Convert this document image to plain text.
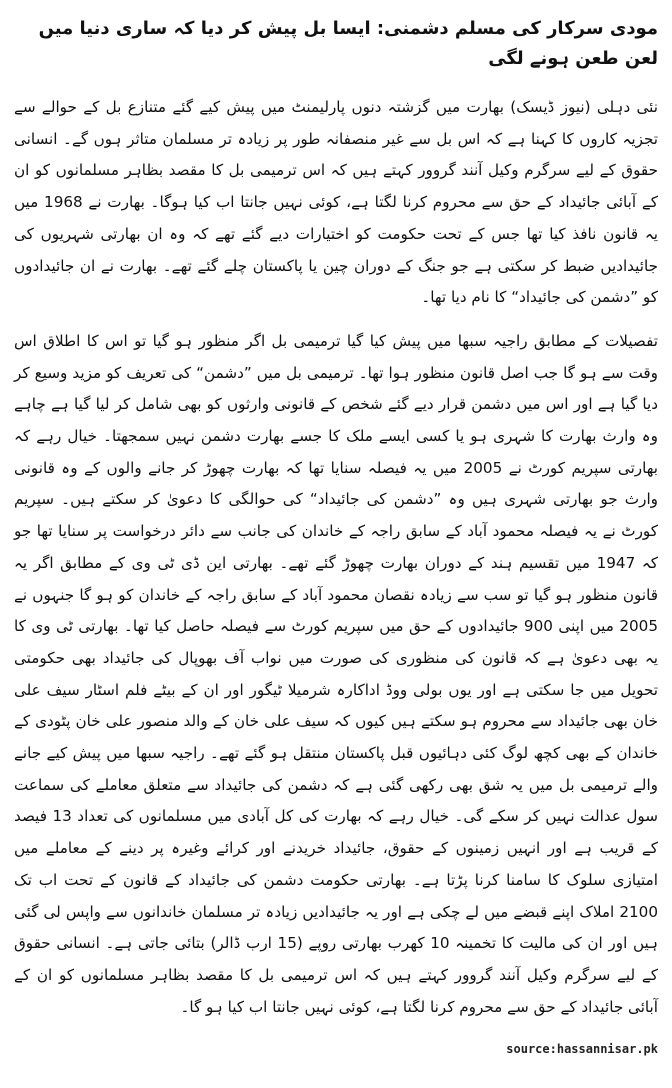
مودی سرکار کی مسلم دشمنی: ایسا بل پیش کر دیا کہ ساری دنیا میں لعن طعن ہونے لگی

نئی دہلی (نیوز ڈیسک) بھارت میں گزشتہ دنوں پارلیمنٹ میں پیش کیے گئے متنازع بل کے حوالے سے تجزیہ کاروں کا کہنا ہے کہ اس بل سے غیر منصفانہ طور پر زیادہ تر مسلمان متاثر ہوں گے۔ انسانی حقوق کے لیے سرگرم وکیل آنند گروور کہتے ہیں کہ اس ترمیمی بل کا مقصد بظاہر مسلمانوں کو ان کے آبائی جائیداد کے حق سے محروم کرنا لگتا ہے، کوئی نہیں جانتا اب کیا ہوگا۔ بھارت نے 1968 میں یہ قانون نافذ کیا تھا جس کے تحت حکومت کو اختیارات دیے گئے تھے کہ وہ ان بھارتی شہریوں کی جائیدادیں ضبط کر سکتی ہے جو جنگ کے دوران چین یا پاکستان چلے گئے تھے۔ بھارت نے ان جائیدادوں کو ”دشمن کی جائیداد“ کا نام دیا تھا۔

تفصیلات کے مطابق راجیہ سبھا میں پیش کیا گیا ترمیمی بل اگر منظور ہو گیا تو اس کا اطلاق اس وقت سے ہو گا جب اصل قانون منظور ہوا تھا۔ ترمیمی بل میں ”دشمن“ کی تعریف کو مزید وسیع کر دیا گیا ہے اور اس میں دشمن قرار دیے گئے شخص کے قانونی وارثوں کو بھی شامل کر لیا گیا ہے چاہے وہ وارث بھارت کا شہری ہو یا کسی ایسے ملک کا جسے بھارت دشمن نہیں سمجھتا۔ خیال رہے کہ بھارتی سپریم کورٹ نے 2005 میں یہ فیصلہ سنایا تھا کہ بھارت چھوڑ کر جانے والوں کے وہ قانونی وارث جو بھارتی شہری ہیں وہ ”دشمن کی جائیداد“ کی حوالگی کا دعویٰ کر سکتے ہیں۔ سپریم کورٹ نے یہ فیصلہ محمود آباد کے سابق راجہ کے خاندان کی جانب سے دائر درخواست پر سنایا تھا جو کہ 1947 میں تقسیم ہند کے دوران بھارت چھوڑ گئے تھے۔ بھارتی این ڈی ٹی وی کے مطابق اگر یہ قانون منظور ہو گیا تو سب سے زیادہ نقصان محمود آباد کے سابق راجہ کے خاندان کو ہو گا جنہوں نے 2005 میں اپنی 900 جائیدادوں کے حق میں سپریم کورٹ سے فیصلہ حاصل کیا تھا۔ بھارتی ٹی وی کا یہ بھی دعویٰ ہے کہ قانون کی منظوری کی صورت میں نواب آف بھوپال کی جائیداد بھی حکومتی تحویل میں جا سکتی ہے اور یوں بولی ووڈ اداکارہ شرمیلا ٹیگور اور ان کے بیٹے فلم اسٹار سیف علی خان بھی جائیداد سے محروم ہو سکتے ہیں کیوں کہ سیف علی خان کے والد منصور علی خان پٹودی کے خاندان کے بھی کچھ لوگ کئی دہائیوں قبل پاکستان منتقل ہو گئے تھے۔ راجیہ سبھا میں پیش کیے جانے والے ترمیمی بل میں یہ شق بھی رکھی گئی ہے کہ دشمن کی جائیداد سے متعلق معاملے کی سماعت سول عدالت نہیں کر سکے گی۔ خیال رہے کہ بھارت کی کل آبادی میں مسلمانوں کی تعداد 13 فیصد کے قریب ہے اور انہیں زمینوں کے حقوق، جائیداد خریدنے اور کرائے وغیرہ پر دینے کے معاملے میں امتیازی سلوک کا سامنا کرنا پڑتا ہے۔ بھارتی حکومت دشمن کی جائیداد کے قانون کے تحت اب تک 2100 املاک اپنے قبضے میں لے چکی ہے اور یہ جائیدادیں زیادہ تر مسلمان خاندانوں سے واپس لی گئی ہیں اور ان کی مالیت کا تخمینہ 10 کھرب بھارتی روپے (15 ارب ڈالر) بتائی جاتی ہے۔ انسانی حقوق کے لیے سرگرم وکیل آنند گروور کہتے ہیں کہ اس ترمیمی بل کا مقصد بظاہر مسلمانوں کو ان کے آبائی جائیداد کے حق سے محروم کرنا لگتا ہے، کوئی نہیں جانتا اب کیا ہو گا۔

source:hassannisar.pk
